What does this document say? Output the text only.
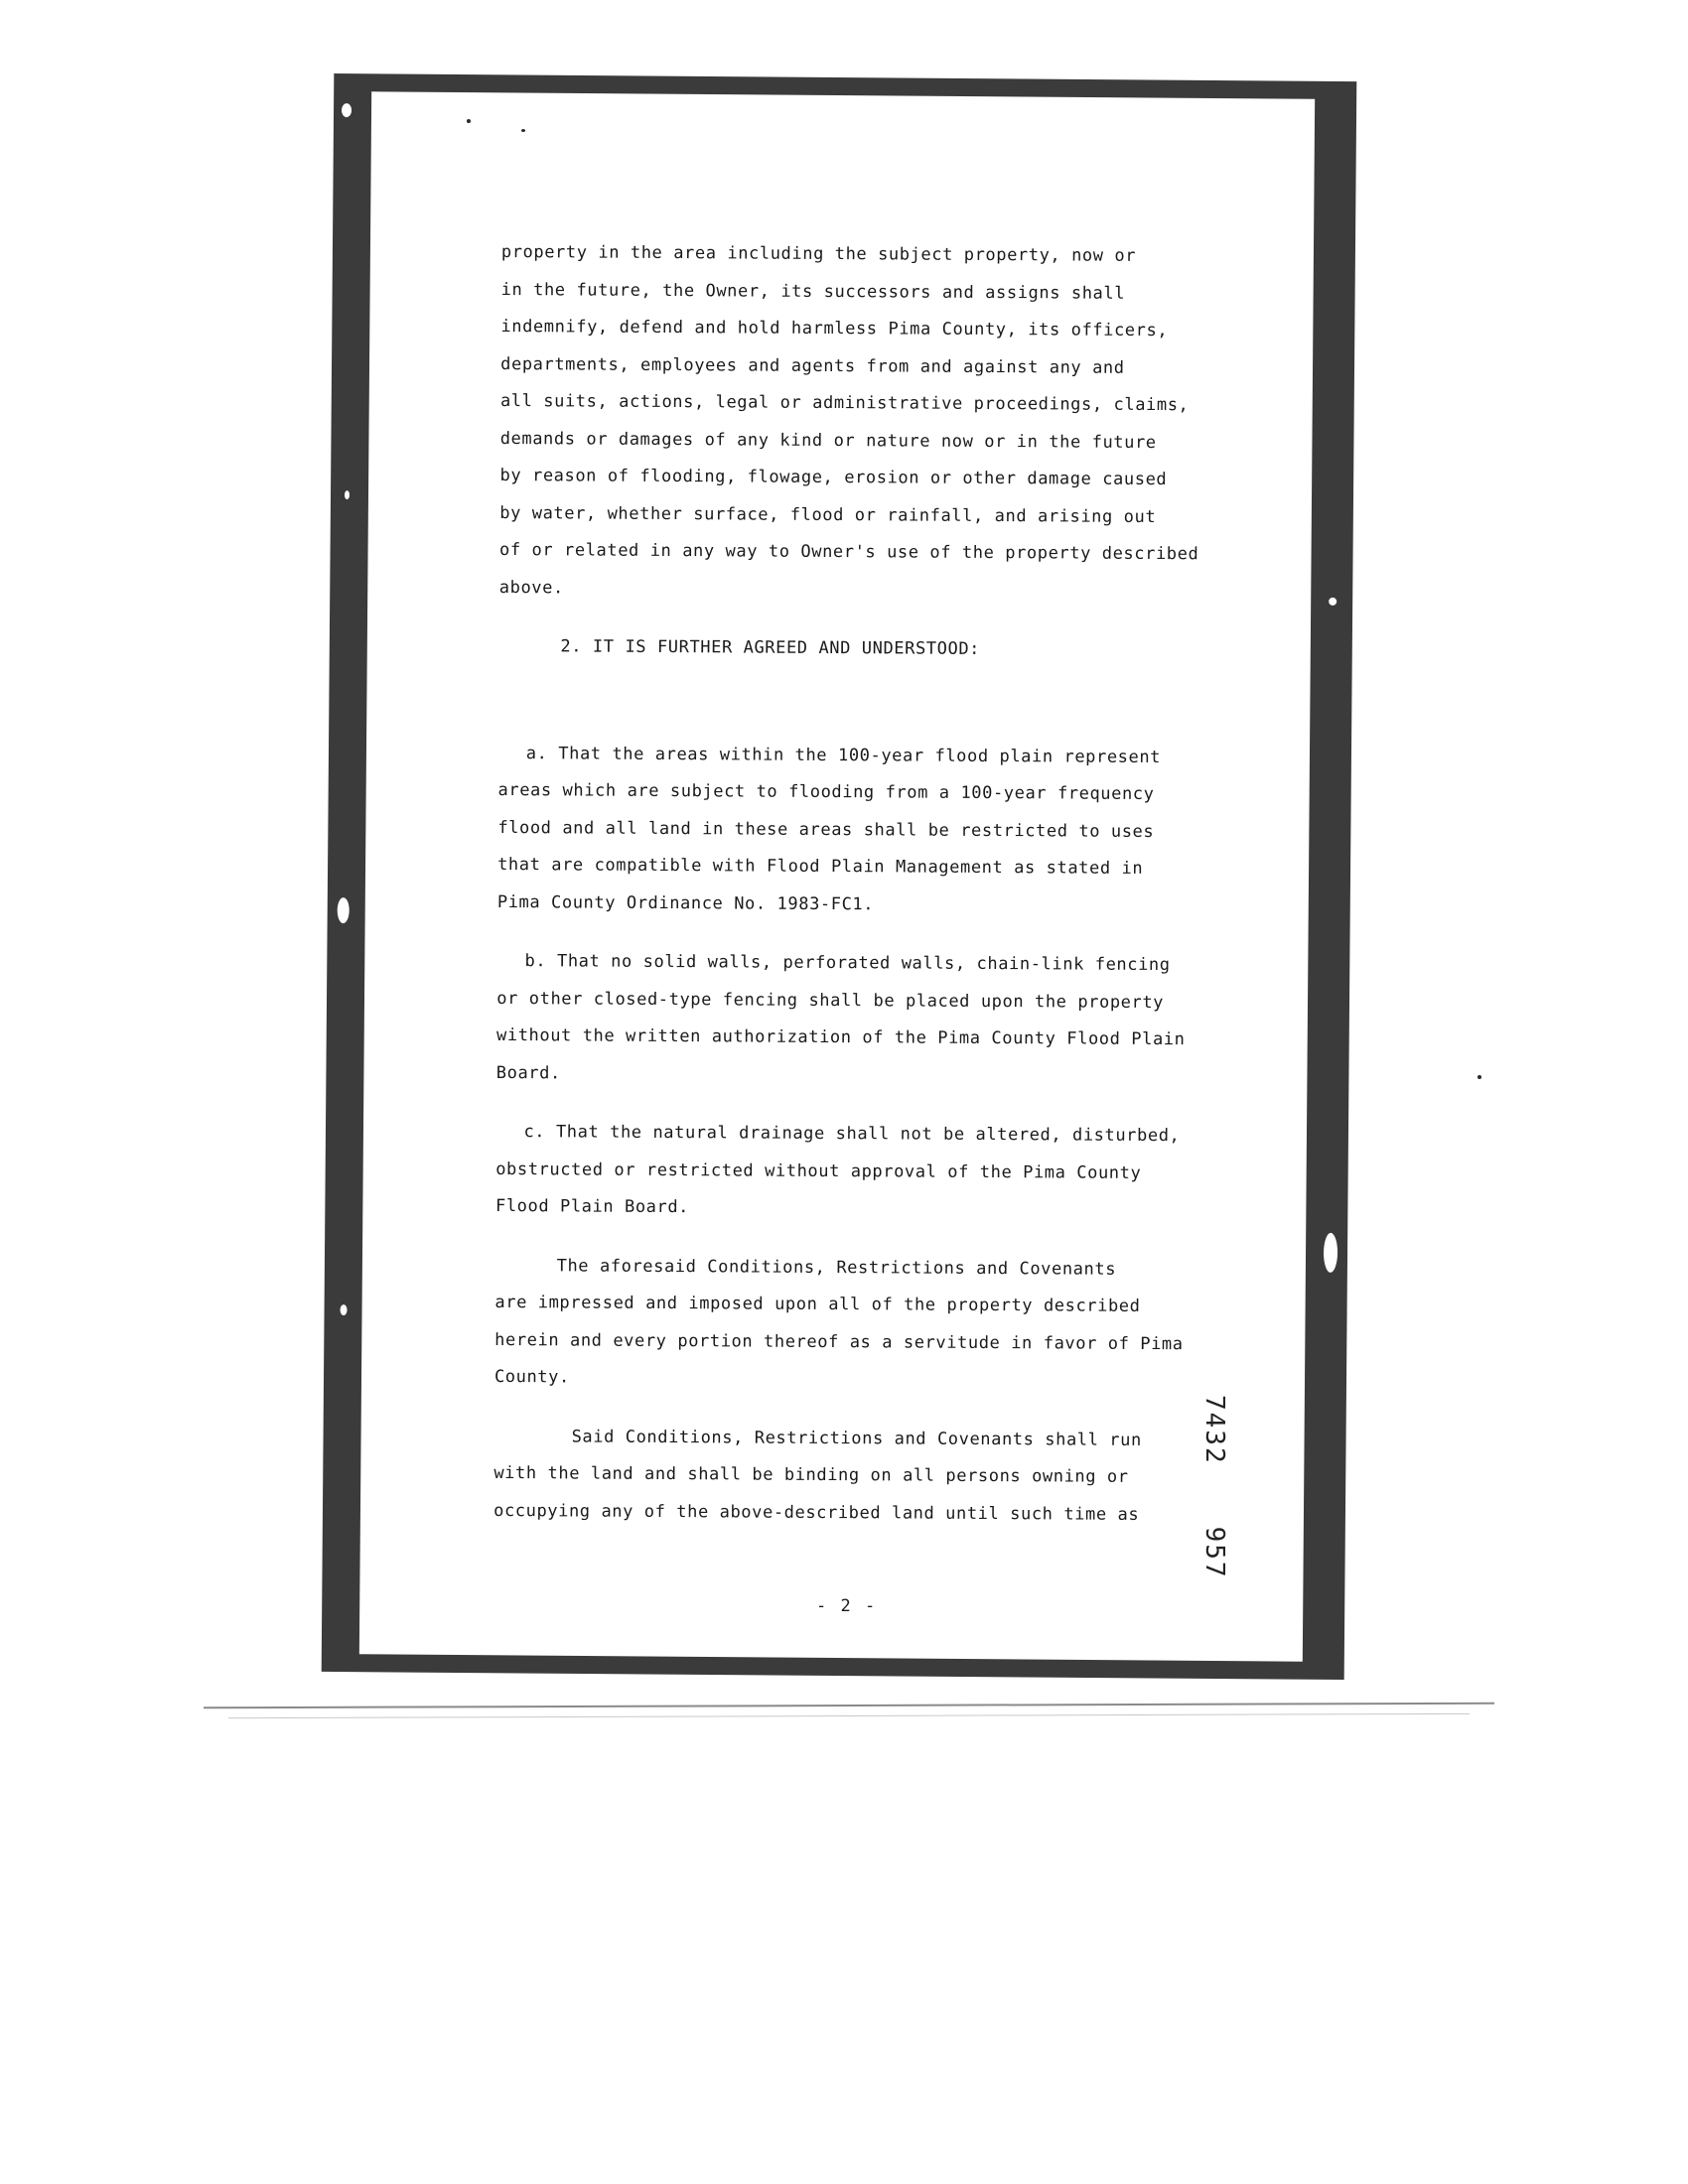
property in the area including the subject property, now or
in the future, the Owner, its successors and assigns shall
indemnify, defend and hold harmless Pima County, its officers,
departments, employees and agents from and against any and
all suits, actions, legal or administrative proceedings, claims,
demands or damages of any kind or nature now or in the future
by reason of flooding, flowage, erosion or other damage caused
by water, whether surface, flood or rainfall, and arising out
of or related in any way to Owner's use of the property described
above.
2. IT IS FURTHER AGREED AND UNDERSTOOD:
a. That the areas within the 100-year flood plain represent
areas which are subject to flooding from a 100-year frequency
flood and all land in these areas shall be restricted to uses
that are compatible with Flood Plain Management as stated in
Pima County Ordinance No. 1983-FC1.
b. That no solid walls, perforated walls, chain-link fencing
or other closed-type fencing shall be placed upon the property
without the written authorization of the Pima County Flood Plain
Board.
c. That the natural drainage shall not be altered, disturbed,
obstructed or restricted without approval of the Pima County
Flood Plain Board.
The aforesaid Conditions, Restrictions and Covenants
are impressed and imposed upon all of the property described
herein and every portion thereof as a servitude in favor of Pima
County.
Said Conditions, Restrictions and Covenants shall run
with the land and shall be binding on all persons owning or
occupying any of the above-described land until such time as
7432957
- 2 -
